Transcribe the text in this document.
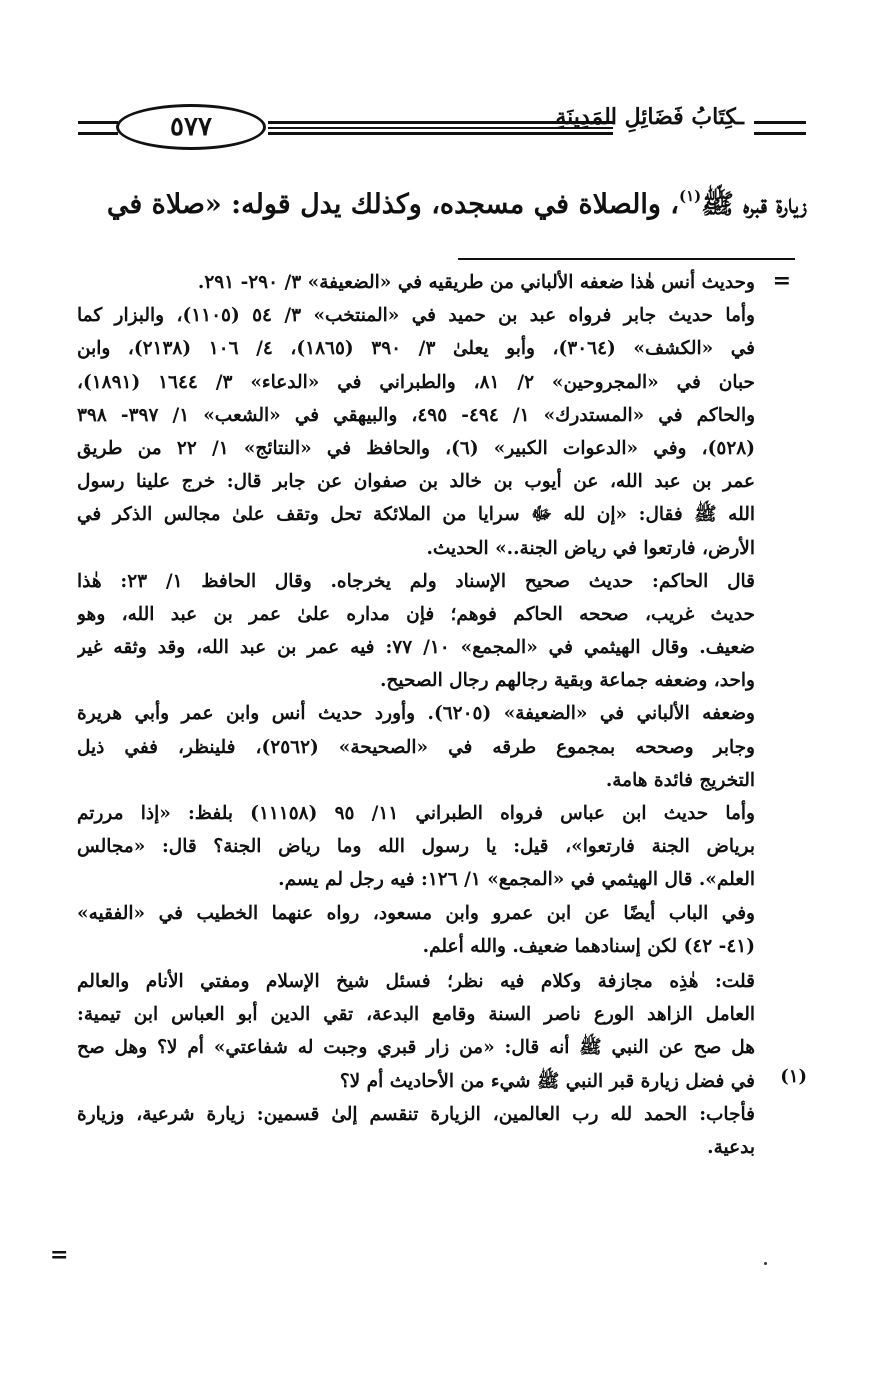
٥٧٧	ـكِتَابُ فَضَائِلِ المَدِينَةِ
زيارة قبره ﷺ$^{(١)}$، والصلاة في مسجده، وكذلك يدل قوله: «صلاة في
=
وحديث أنس هٰذا ضعفه الألباني من طريقيه في «الضعيفة» ٣/ ٢٩٠- ٢٩١.
وأما حديث جابر فرواه عبد بن حميد في «المنتخب» ٣/ ٥٤ (١١٠٥)، والبزار كما
في «الكشف» (٣٠٦٤)، وأبو يعلىٰ ٣/ ٣٩٠ (١٨٦٥)، ٤/ ١٠٦ (٢١٣٨)، وابن
حبان في «المجروحين» ٢/ ٨١، والطبراني في «الدعاء» ٣/ ١٦٤٤ (١٨٩١)،
والحاكم في «المستدرك» ١/ ٤٩٤- ٤٩٥، والبيهقي في «الشعب» ١/ ٣٩٧- ٣٩٨
(٥٢٨)، وفي «الدعوات الكبير» (٦)، والحافظ في «النتائج» ١/ ٢٢ من طريق
عمر بن عبد الله، عن أيوب بن خالد بن صفوان عن جابر قال: خرج علينا رسول
الله ﷺ فقال: «إن لله ﷻ سرايا من الملائكة تحل وتقف علىٰ مجالس الذكر في
الأرض، فارتعوا في رياض الجنة..» الحديث.
قال الحاكم: حديث صحيح الإسناد ولم يخرجاه. وقال الحافظ ١/ ٢٣: هٰذا
حديث غريب، صححه الحاكم فوهم؛ فإن مداره علىٰ عمر بن عبد الله، وهو
ضعيف. وقال الهيثمي في «المجمع» ١٠/ ٧٧: فيه عمر بن عبد الله، وقد وثقه غير
واحد، وضعفه جماعة وبقية رجالهم رجال الصحيح.
وضعفه الألباني في «الضعيفة» (٦٢٠٥). وأورد حديث أنس وابن عمر وأبي هريرة
وجابر وصححه بمجموع طرقه في «الصحيحة» (٢٥٦٢)، فلينظر، ففي ذيل
التخريج فائدة هامة.
وأما حديث ابن عباس فرواه الطبراني ١١/ ٩٥ (١١١٥٨) بلفظ: «إذا مررتم
برياض الجنة فارتعوا»، قيل: يا رسول الله وما رياض الجنة؟ قال: «مجالس
العلم». قال الهيثمي في «المجمع» ١/ ١٢٦: فيه رجل لم يسم.
وفي الباب أيضًا عن ابن عمرو وابن مسعود، رواه عنهما الخطيب في «الفقيه»
(٤١- ٤٢) لكن إسنادهما ضعيف. والله أعلم.
قلت: هٰذِه مجازفة وكلام فيه نظر؛ فسئل شيخ الإسلام ومفتي الأنام والعالم
العامل الزاهد الورع ناصر السنة وقامع البدعة، تقي الدين أبو العباس ابن تيمية:
هل صح عن النبي ﷺ أنه قال: «من زار قبري وجبت له شفاعتي» أم لا؟ وهل صح
في فضل زيارة قبر النبي ﷺ شيء من الأحاديث أم لا؟
فأجاب: الحمد لله رب العالمين، الزيارة تنقسم إلىٰ قسمين: زيارة شرعية، وزيارة
بدعية.
(١)
=
